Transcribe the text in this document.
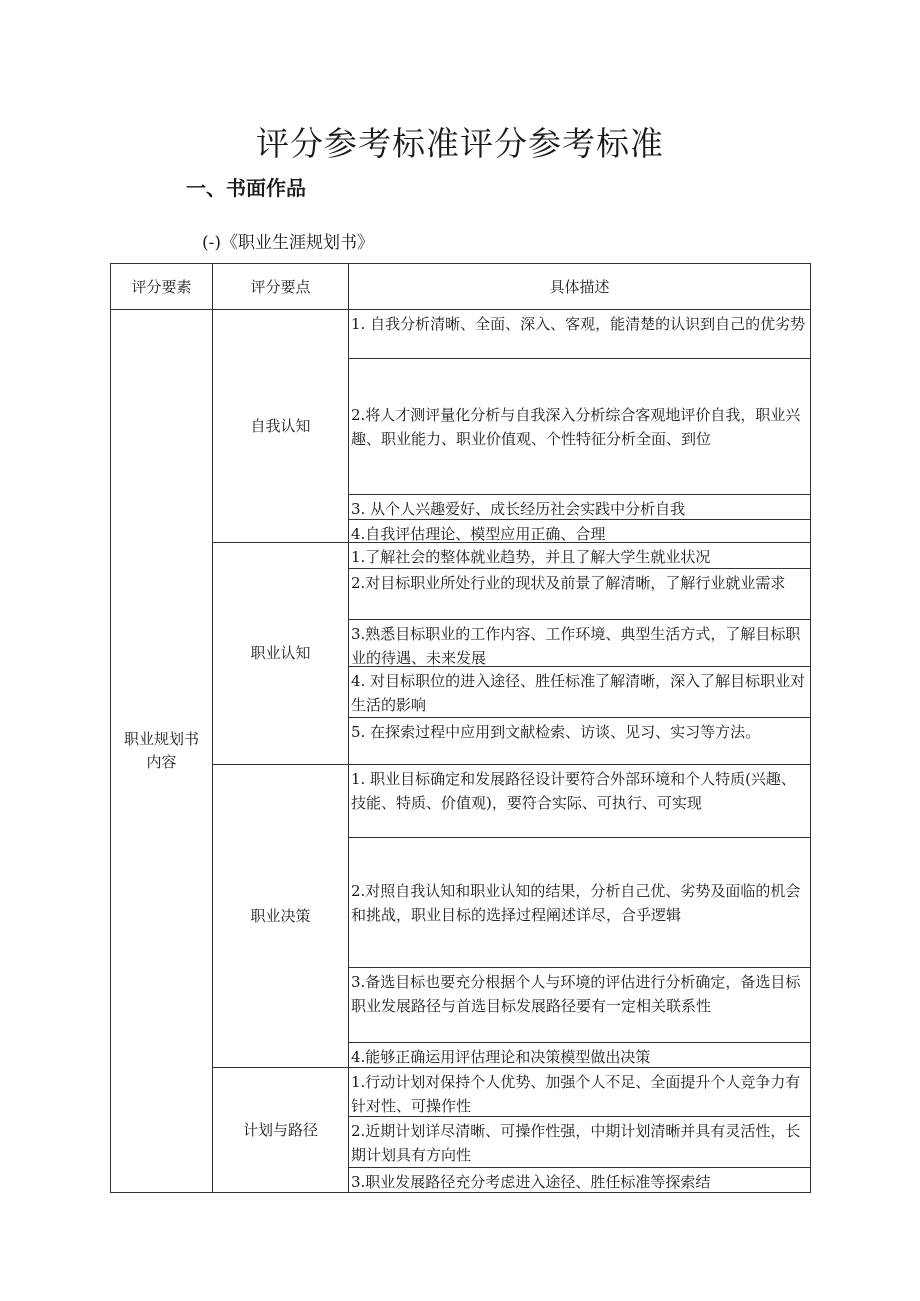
评分参考标准评分参考标准
一、书面作品
(-)《职业生涯规划书》
评分要素	评分要点	具体描述
职业规划书内容	自我认知	1. 自我分析清晰、全面、深入、客观，能清楚的认识到自己的优劣势
2.将人才测评量化分析与自我深入分析综合客观地评价自我，职业兴趣、职业能力、职业价值观、个性特征分析全面、到位
3. 从个人兴趣爱好、成长经历社会实践中分析自我
4.自我评估理论、模型应用正确、合理

	职业认知	1.了解社会的整体就业趋势，并且了解大学生就业状况
2.对目标职业所处行业的现状及前景了解清晰，了解行业就业需求
3.熟悉目标职业的工作内容、工作环境、典型生活方式，了解目标职业的待遇、未来发展
4. 对目标职位的进入途径、胜任标准了解清晰，深入了解目标职业对生活的影响
5. 在探索过程中应用到文献检索、访谈、见习、实习等方法。

	职业决策	1. 职业目标确定和发展路径设计要符合外部环境和个人特质(兴趣、技能、特质、价值观)，要符合实际、可执行、可实现
2.对照自我认知和职业认知的结果，分析自己优、劣势及面临的机会和挑战，职业目标的选择过程阐述详尽，合乎逻辑
3.备选目标也要充分根据个人与环境的评估进行分析确定，备选目标职业发展路径与首选目标发展路径要有一定相关联系性
4.能够正确运用评估理论和决策模型做出决策

	计划与路径	1.行动计划对保持个人优势、加强个人不足、全面提升个人竞争力有针对性、可操作性
2.近期计划详尽清晰、可操作性强，中期计划清晰并具有灵活性，长期计划具有方向性
3.职业发展路径充分考虑进入途径、胜任标准等探索结
